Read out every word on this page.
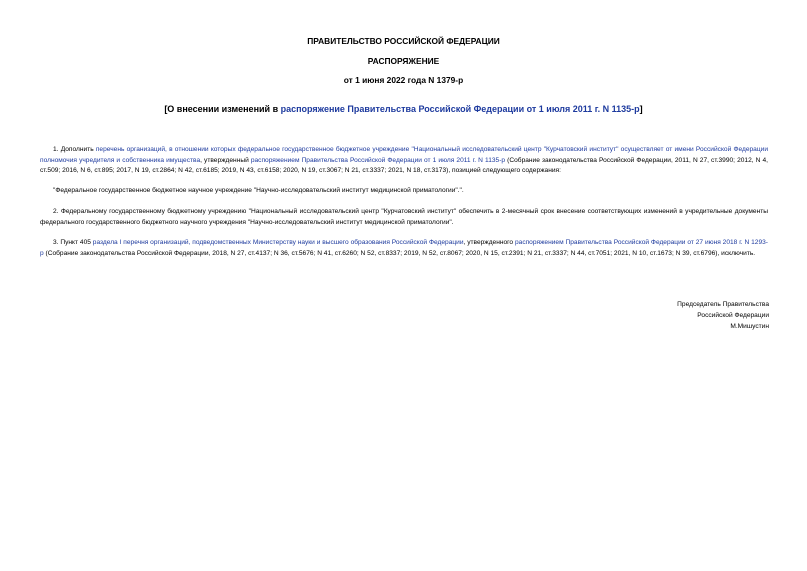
ПРАВИТЕЛЬСТВО РОССИЙСКОЙ ФЕДЕРАЦИИ
РАСПОРЯЖЕНИЕ
от 1 июня 2022 года N 1379-р
[О внесении изменений в распоряжение Правительства Российской Федерации от 1 июля 2011 г. N 1135-р]
1. Дополнить перечень организаций, в отношении которых федеральное государственное бюджетное учреждение "Национальный исследовательский центр "Курчатовский институт" осуществляет от имени Российской Федерации полномочия учредителя и собственника имущества, утвержденный распоряжением Правительства Российской Федерации от 1 июля 2011 г. N 1135-р (Собрание законодательства Российской Федерации, 2011, N 27, ст.3990; 2012, N 4, ст.509; 2016, N 6, ст.895; 2017, N 19, ст.2864; N 42, ст.6185; 2019, N 43, ст.6158; 2020, N 19, ст.3067; N 21, ст.3337; 2021, N 18, ст.3173), позицией следующего содержания:
"Федеральное государственное бюджетное научное учреждение "Научно-исследовательский институт медицинской приматологии".".
2. Федеральному государственному бюджетному учреждению "Национальный исследовательский центр "Курчатовский институт" обеспечить в 2-месячный срок внесение соответствующих изменений в учредительные документы федерального государственного бюджетного научного учреждения "Научно-исследовательский институт медицинской приматологии".
3. Пункт 405 раздела I перечня организаций, подведомственных Министерству науки и высшего образования Российской Федерации, утвержденного распоряжением Правительства Российской Федерации от 27 июня 2018 г. N 1293-р (Собрание законодательства Российской Федерации, 2018, N 27, ст.4137; N 36, ст.5676; N 41, ст.6260; N 52, ст.8337; 2019, N 52, ст.8067; 2020, N 15, ст.2391; N 21, ст.3337; N 44, ст.7051; 2021, N 10, ст.1673; N 39, ст.6796), исключить.
Председатель Правительства
Российской Федерации
М.Мишустин
